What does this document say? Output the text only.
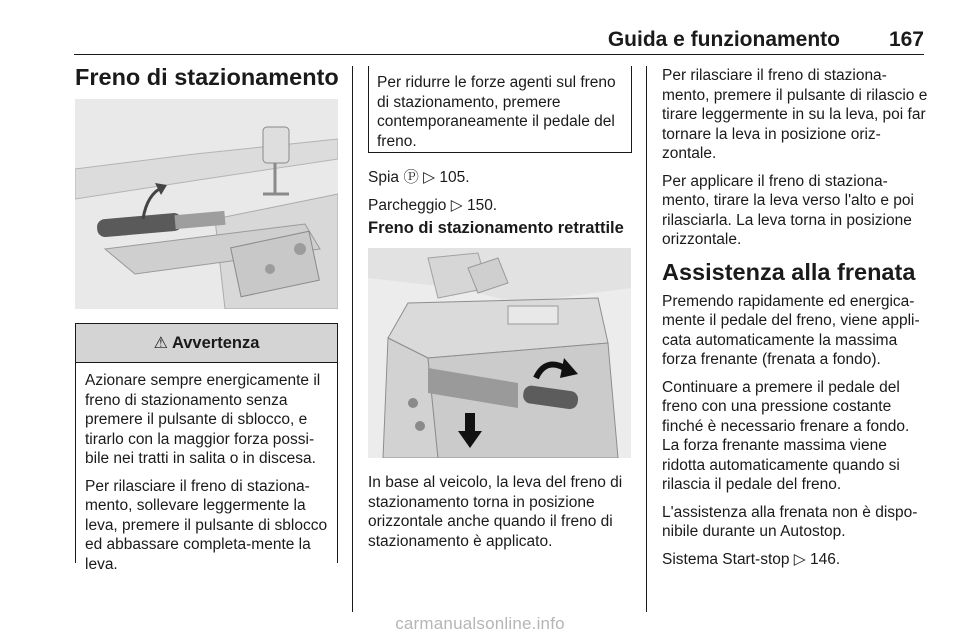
Guida e funzionamento 167
Freno di stazionamento
⚠ Avvertenza

Azionare sempre energicamente il freno di stazionamento senza premere il pulsante di sblocco, e tirarlo con la maggior forza possi-bile nei tratti in salita o in discesa.

Per rilasciare il freno di staziona-mento, sollevare leggermente la leva, premere il pulsante di sblocco ed abbassare completa-mente la leva.

Per ridurre le forze agenti sul freno di stazionamento, premere contemporaneamente il pedale del freno.

Spia Ⓟ ▷ 105.

Parcheggio ▷ 150.

Freno di stazionamento retrattile

In base al veicolo, la leva del freno di stazionamento torna in posizione orizzontale anche quando il freno di stazionamento è applicato.

Per rilasciare il freno di staziona-mento, premere il pulsante di rilascio e tirare leggermente in su la leva, poi far tornare la leva in posizione oriz-zontale.

Per applicare il freno di staziona-mento, tirare la leva verso l'alto e poi rilasciarla. La leva torna in posizione orizzontale.

Assistenza alla frenata

Premendo rapidamente ed energica-mente il pedale del freno, viene appli-cata automaticamente la massima forza frenante (frenata a fondo).

Continuare a premere il pedale del freno con una pressione costante finché è necessario frenare a fondo. La forza frenante massima viene ridotta automaticamente quando si rilascia il pedale del freno.

L'assistenza alla frenata non è dispo-nibile durante un Autostop.

Sistema Start-stop ▷ 146.

carmanualsonline.info
